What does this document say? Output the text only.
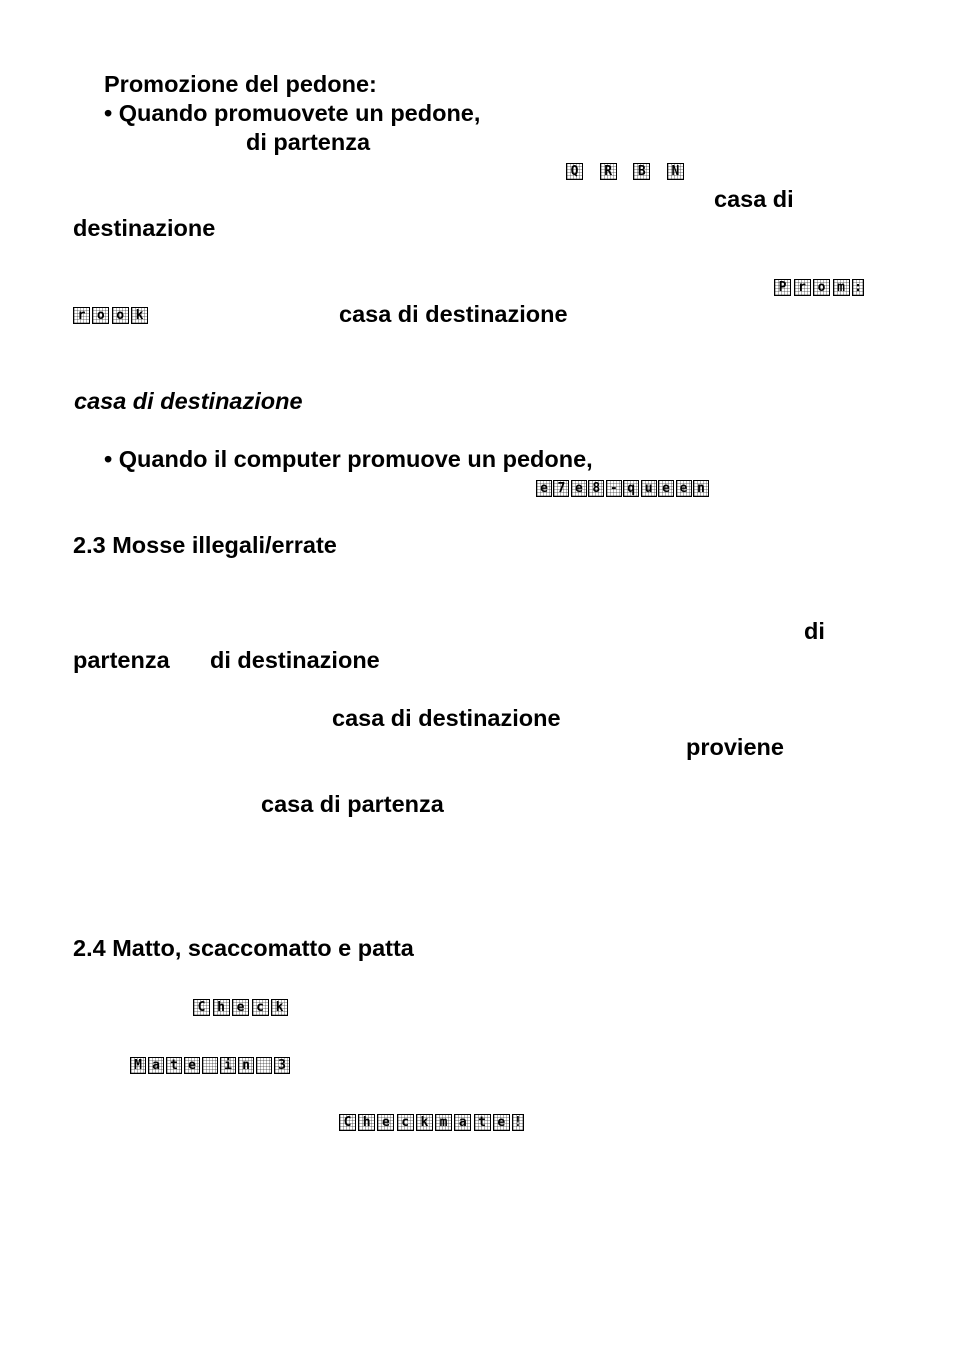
Promozione del pedone:
• Quando promuovete un pedone,
di partenza
casa di
destinazione
casa di destinazione
casa di destinazione
• Quando il computer promuove un pedone,
2.3 Mosse illegali/errate
di
partenza di destinazione
casa di destinazione
proviene
casa di partenza
2.4 Matto, scaccomatto e patta
Q	R	B	N
P r o m :
r o o k
e 7 e 8 - q u e e n
C h e c k
M a t e	i n	3
C h e c k m a t e !
